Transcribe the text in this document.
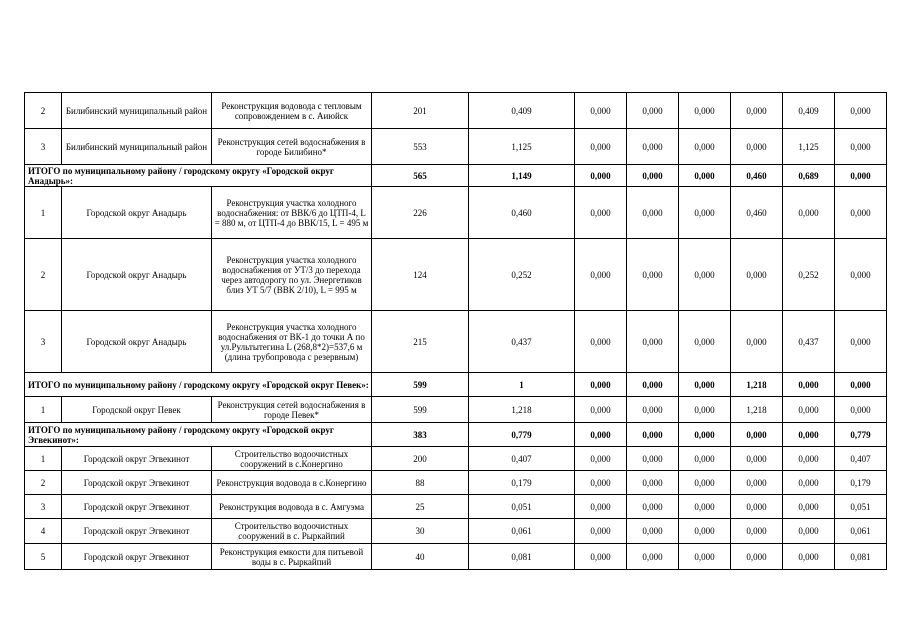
2	Билибинский муниципальный район	Реконструкция водовода с тепловым сопровождением в с. Аиюйск	201	0,409	0,000	0,000	0,000	0,000	0,409	0,000
3	Билибинский муниципальный район	Реконструкция сетей водоснабжения в городе Билибино*	553	1,125	0,000	0,000	0,000	0,000	1,125	0,000
ИТОГО по муниципальному району / городскому округу «Городской округ Анадырь»:			565	1,149	0,000	0,000	0,000	0,460	0,689	0,000
1	Городской округ Анадырь	Реконструкция участка холодного водоснабжения: от ВВК/6 до ЦТП-4, L = 880 м, от ЦТП-4 до ВВК/15, L = 495 м	226	0,460	0,000	0,000	0,000	0,460	0,000	0,000
2	Городской округ Анадырь	Реконструкция участка холодного водоснабжения от УТ/3 до перехода через автодорогу по ул. Энергетиков близ УТ 5/7 (ВВК 2/10), L = 995 м	124	0,252	0,000	0,000	0,000	0,000	0,252	0,000
3	Городской округ Анадырь	Реконструкция участка холодного водоснабжения от ВК-1 до точки А по ул.Рультытегина L (268,8*2)=537,6 м (длина трубопровода с резервным)	215	0,437	0,000	0,000	0,000	0,000	0,437	0,000
ИТОГО по муниципальному району / городскому округу «Городской округ Певек»:			599	1	0,000	0,000	0,000	1,218	0,000	0,000
1	Городской округ Певек	Реконструкция сетей водоснабжения в городе Певек*	599	1,218	0,000	0,000	0,000	1,218	0,000	0,000
ИТОГО по муниципальному району / городскому округу «Городской округ Эгвекинот»:			383	0,779	0,000	0,000	0,000	0,000	0,000	0,779
1	Городской округ Эгвекинот	Строительство водоочистных сооружений в с.Конергино	200	0,407	0,000	0,000	0,000	0,000	0,000	0,407
2	Городской округ Эгвекинот	Реконструкция водовода в с.Конергино	88	0,179	0,000	0,000	0,000	0,000	0,000	0,179
3	Городской округ Эгвекинот	Реконструкция водовода в с. Амгуэма	25	0,051	0,000	0,000	0,000	0,000	0,000	0,051
4	Городской округ Эгвекинот	Строительство водоочистных сооружений в с. Рыркайпий	30	0,061	0,000	0,000	0,000	0,000	0,000	0,061
5	Городской округ Эгвекинот	Реконструкция емкости для питьевой воды в с. Рыркайпий	40	0,081	0,000	0,000	0,000	0,000	0,000	0,081
